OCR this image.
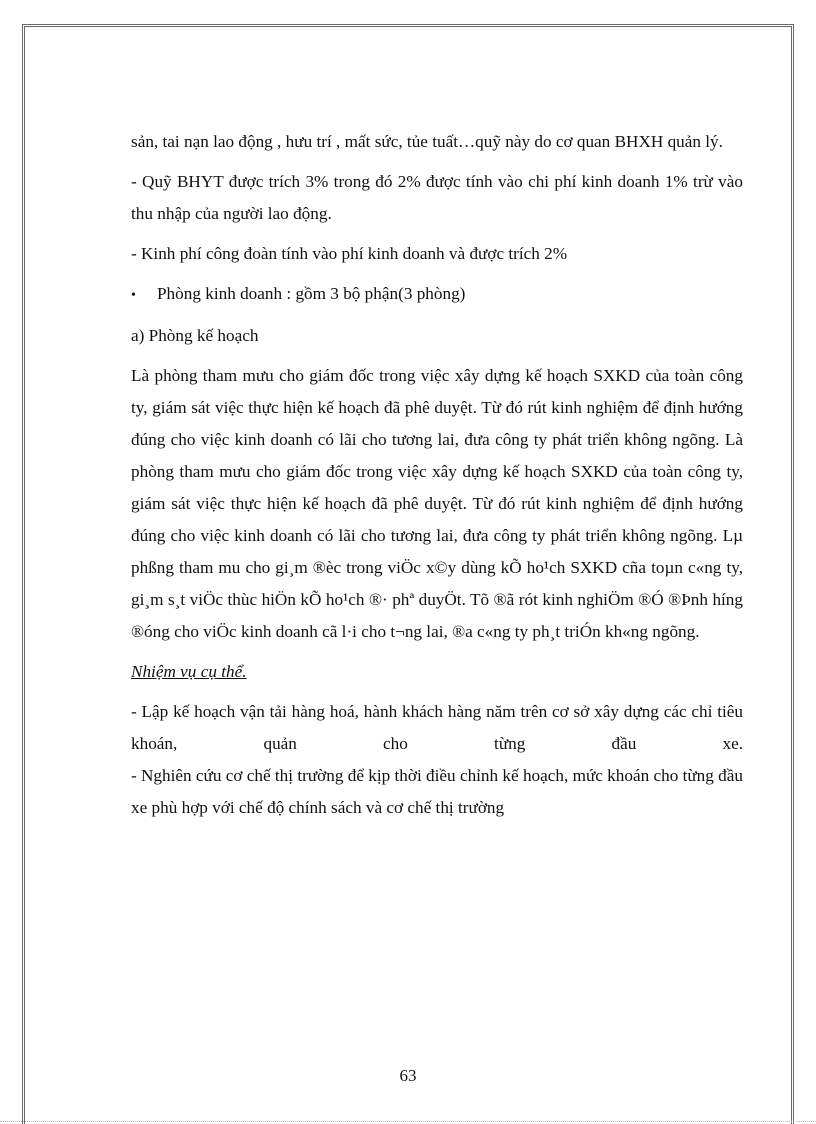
sản, tai nạn lao động , hưu trí , mất sức, tủe tuất…quỹ này do cơ quan BHXH quản lý.

- Quỹ BHYT được trích 3% trong đó 2% được tính vào chi phí kinh doanh 1% trừ vào thu nhập của người lao động.

- Kinh phí công đoàn tính vào phí kinh doanh và được trích 2%

•	Phòng kinh doanh : gồm 3 bộ phận(3 phòng)

a) Phòng kế hoạch

Là phòng tham mưu cho giám đốc trong việc xây dựng kế hoạch SXKD của toàn công ty, giám sát việc thực hiện kế hoạch đã phê duyệt. Từ đó rút kinh nghiệm để định hướng đúng cho việc kinh doanh có lãi cho tương lai, đưa công ty phát triển không ngõng. Là phòng tham mưu cho giám đốc trong việc xây dựng kế hoạch SXKD của toàn công ty, giám sát việc thực hiện kế hoạch đã phê duyệt. Từ đó rút kinh nghiệm để định hướng đúng cho việc kinh doanh có lãi cho tương lai, đưa công ty phát triển không ngõng. Lµ phßng tham mu cho gi¸m ®èc trong viÖc x©y dùng kÕ ho¹ch SXKD cña toµn c«ng ty, gi¸m s¸t viÖc thùc hiÖn kÕ ho¹ch ®· phª duyÖt. Tõ ®ã rót kinh nghiÖm ®Ó ®Þnh híng ®óng cho viÖc kinh doanh cã l·i cho t¬ng lai, ®a c«ng ty ph¸t triÓn kh«ng ngõng.

Nhiệm vụ cụ thể.

- Lập kế hoạch vận tải hàng hoá, hành khách hàng năm trên cơ sở xây dựng các chỉ tiêu khoán, quản cho từng đầu xe.

- Nghiên cứu cơ chế thị trường để kịp thời điều chỉnh kế hoạch, mức khoán cho từng đầu xe phù hợp với chế độ chính sách và cơ chế thị trường

63
